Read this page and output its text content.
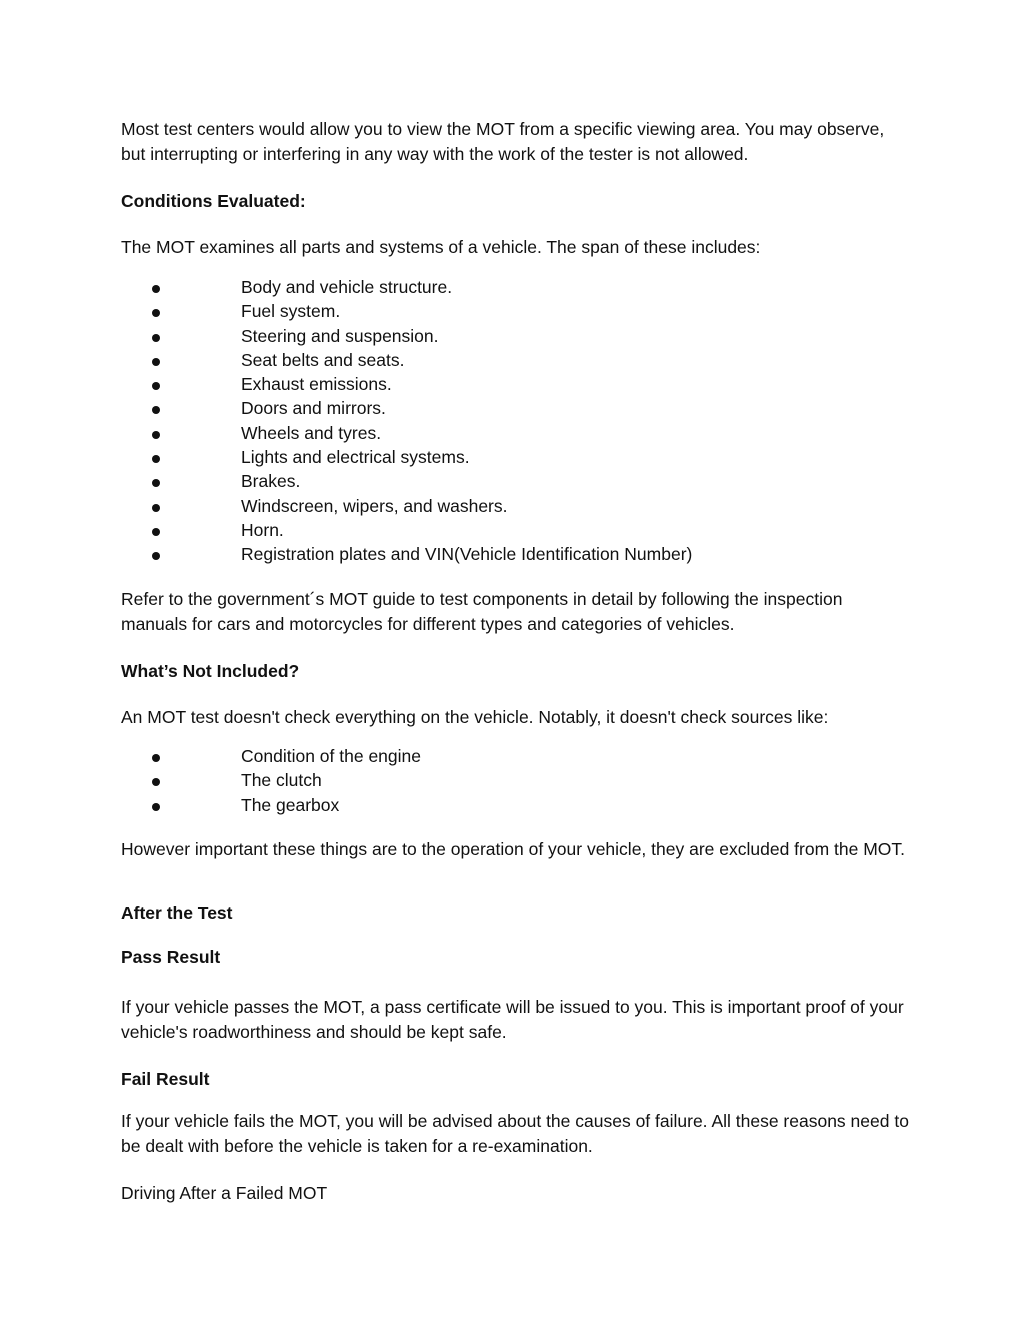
Most test centers would allow you to view the MOT from a specific viewing area. You may observe, but interrupting or interfering in any way with the work of the tester is not allowed.

Conditions Evaluated:

The MOT examines all parts and systems of a vehicle. The span of these includes:

Body and vehicle structure.
Fuel system.
Steering and suspension.
Seat belts and seats.
Exhaust emissions.
Doors and mirrors.
Wheels and tyres.
Lights and electrical systems.
Brakes.
Windscreen, wipers, and washers.
Horn.
Registration plates and VIN(Vehicle Identification Number)

Refer to the government´s MOT guide to test components in detail by following the inspection manuals for cars and motorcycles for different types and categories of vehicles.

What’s Not Included?

An MOT test doesn't check everything on the vehicle. Notably, it doesn't check sources like:

Condition of the engine
The clutch
The gearbox

However important these things are to the operation of your vehicle, they are excluded from the MOT.

After the Test

Pass Result

If your vehicle passes the MOT, a pass certificate will be issued to you. This is important proof of your vehicle's roadworthiness and should be kept safe.

Fail Result

If your vehicle fails the MOT, you will be advised about the causes of failure. All these reasons need to be dealt with before the vehicle is taken for a re-examination.

Driving After a Failed MOT
